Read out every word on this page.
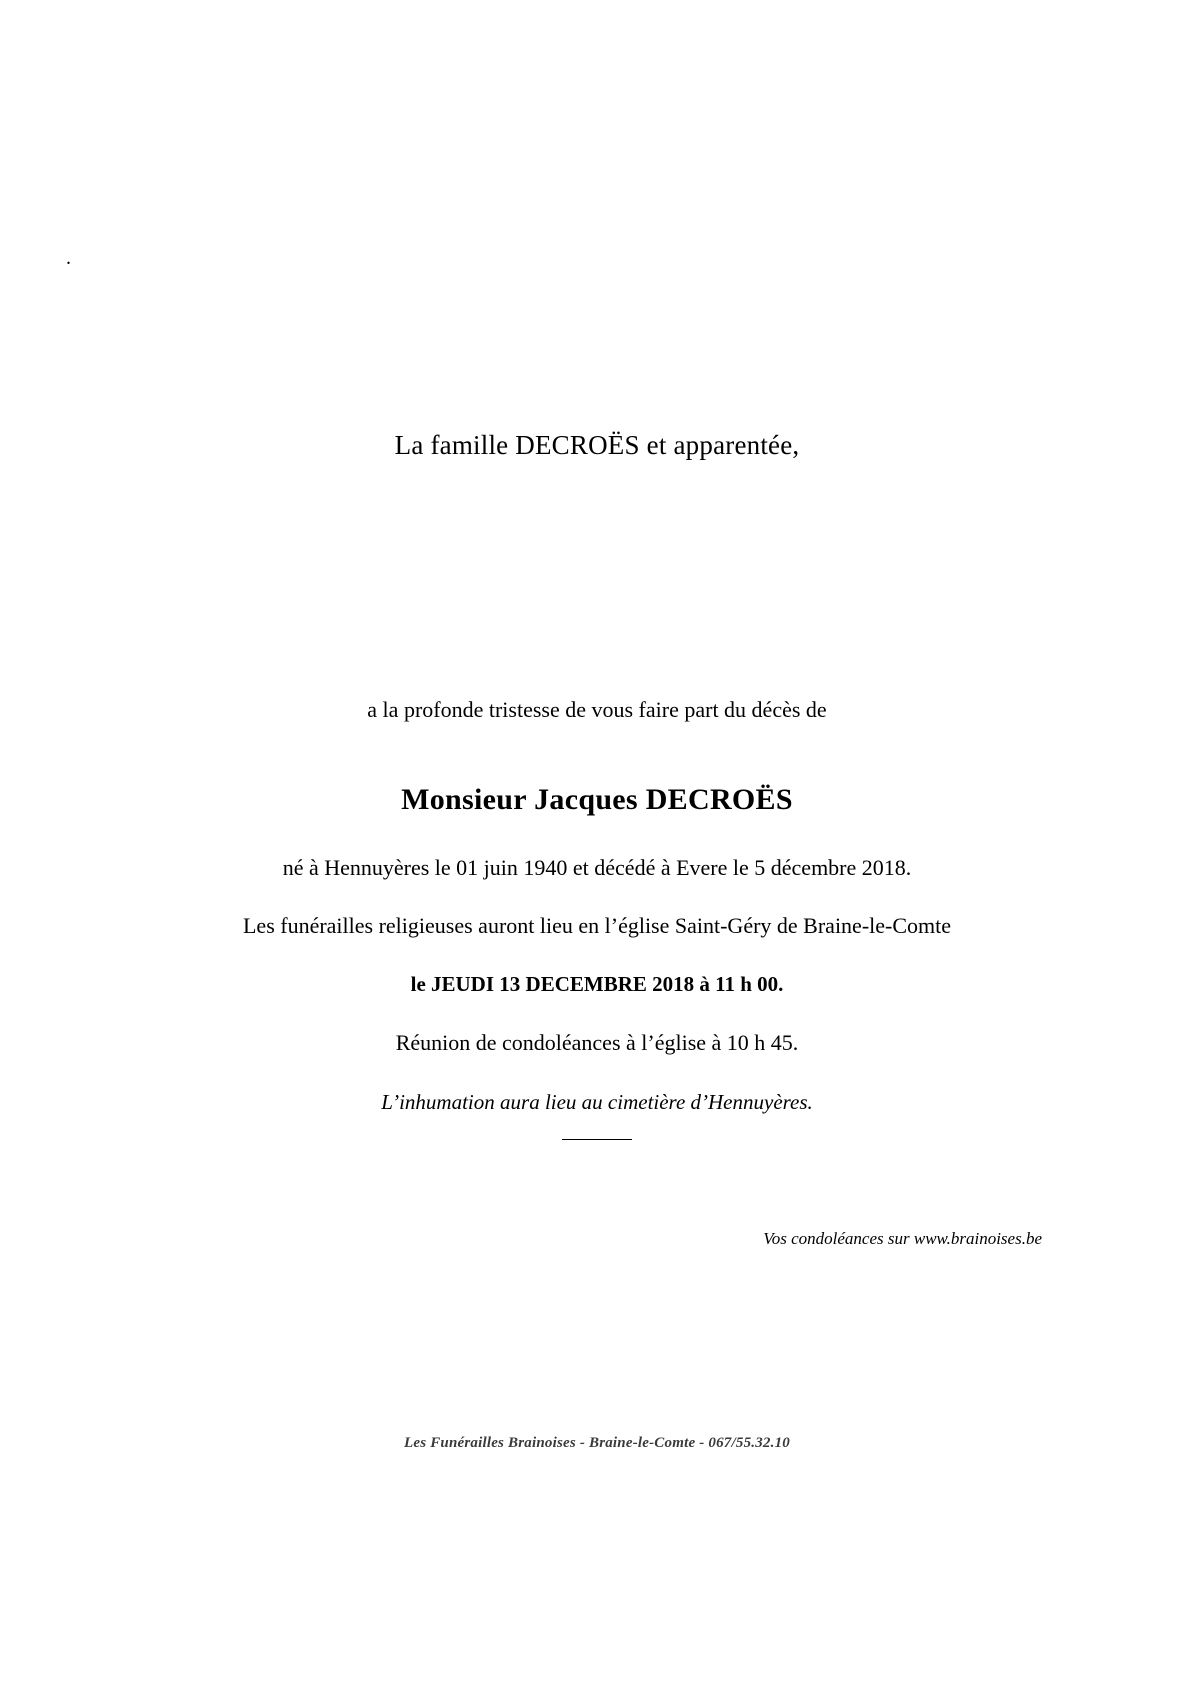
.
La famille DECROËS et apparentée,
a la profonde tristesse de vous faire part du décès de
Monsieur Jacques DECROËS
né à Hennuyères le 01 juin 1940 et décédé à Evere le 5 décembre 2018.
Les funérailles religieuses auront lieu en l’église Saint-Géry de Braine-le-Comte
le JEUDI 13 DECEMBRE 2018 à 11 h 00.
Réunion de condoléances à l’église à 10 h 45.
L’inhumation aura lieu au cimetière d’Hennuyères.
Vos condoléances sur www.brainoises.be
Les Funérailles Brainoises - Braine-le-Comte - 067/55.32.10
